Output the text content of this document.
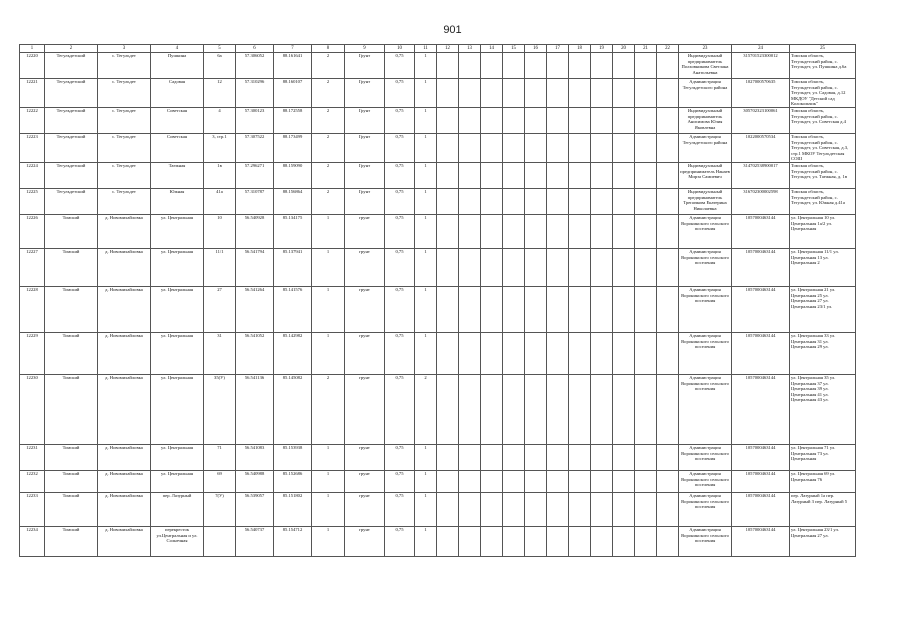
901
1	2	3	4	5	6	7	8	9	10	11	12	13	14	15	16	17	18	19	20	21	22	23	24	25
12220	Тегульдетский	с. Тегульдет	Пушкина	6а	57.306052	88.161641	2	Грунт	0,75	1												Индивидуальный предприниматель Полховникова Светлана Анатольевна	315701523300012	Томская область, Тегульдетский район, с. Тегульдет, ул. Пушкина д.6а
12221	Тегульдетский	с. Тегульдет	Садовая	12	57.310296	88.160107	2	Грунт	0,75	1												Администрация Тегульдетского района	1027000570635	Томская область, Тегульдетский район, с. Тегульдет, ул. Садовая, д.12 МКДОУ "Детский сад Колокольчик"
12222	Тегульдетский	с. Тегульдет	Советская	4	57.300123	88.172558	2	Грунт	0,75	1												Индивидуальный предприниматель Анисимова Юлия Яковлевна	305702323100061	Томская область, Тегульдетский район, с. Тегульдет, ул. Советская д.4
12223	Тегульдетский	с. Тегульдет	Советская	3, стр.1	57.307522	88.173499	2	Грунт	0,75	1												Администрация Тегульдетского района	1022000570534	Томская область, Тегульдетский район, с. Тегульдет, ул. Советская, д.3, стр.1 МКОУ Тегульдетская СОШ
12224	Тегульдетский	с. Тегульдет	Таежная	1в	57.296271	88.159090	2	Грунт	0,75	1												Индивидуальный предприниматель Нанаев Мирза Самиевич	314702538900017	Томская область, Тегульдетский район, с. Тегульдет, ул. Таежная, д. 1в
12225	Тегульдетский	с. Тегульдет	Южная	41а	57.310787	88.156864	2	Грунт	0,75	1												Индивидуальный предприниматель Трепачкова Екатерина Николаевна	316702300002598	Томская область, Тегульдетский район, с. Тегульдет, ул. Южная д.41а
12226	Томский	д. Новомихайловка	ул. Центральная	10	56.540928	85.134175	1	грунт	0,75	1												Администрация Воронинского сельского поселения	1057000463144	ул. Центральная 10 ул. Центральная 1а/2 ул. Центральная
12227	Томский	д. Новомихайловка	ул. Центральная	11/1	56.541794	85.137941	1	грунт	0,75	1												Администрация Воронинского сельского поселения	1057000463144	ул. Центральная 11/1 ул. Центральная 13 ул. Центральная 2
12228	Томский	д. Новомихайловка	ул. Центральная	27	56.541264	85.141576	1	грунт	0,75	1												Администрация Воронинского сельского поселения	1057000463144	ул. Центральная 21 ул. Центральная 25 ул. Центральная 27 ул. Центральная 23/1 ул.
12229	Томский	д. Новомихайловка	ул. Центральная	31	56.541052	85.142982	1	грунт	0,75	1												Администрация Воронинского сельского поселения	1057000463144	ул. Центральная 33 ул. Центральная 31 ул. Центральная 29 ул.
12230	Томский	д. Новомихайловка	ул. Центральная	35(У)	56.541136	85.145082	2	грунт	0,75	2												Администрация Воронинского сельского поселения	1057000463144	ул. Центральная 35 ул. Центральная 37 ул. Центральная 39 ул. Центральная 41 ул. Центральная 43 ул.
12231	Томский	д. Новомихайловка	ул. Центральная	71	56.541083	85.153938	1	грунт	0,75	1												Администрация Воронинского сельского поселения	1057000463144	ул. Центральная 71 ул. Центральная 73 ул. Центральная
12232	Томский	д. Новомихайловка	ул. Центральная	69	56.540988	85.152686	1	грунт	0,75	1												Администрация Воронинского сельского поселения	1057000463144	ул. Центральная 69 ул. Центральная 76
12233	Томский	д. Новомихайловка	пер. Лазурный	7(У)	56.539057	85.151802	1	грунт	0,75	1												Администрация Воронинского сельского поселения	1057000463144	пер. Лазурный 1а пер. Лазурный 3 пер. Лазурный 5
12234	Томский	д. Новомихайловка	перекресток ул.Центральная и ул. Солнечная		56.540737	85.154712	1	грунт	0,75	1												Администрация Воронинского сельского поселения	1057000463144	ул. Центральная 23/1 ул. Центральная 27 ул.
